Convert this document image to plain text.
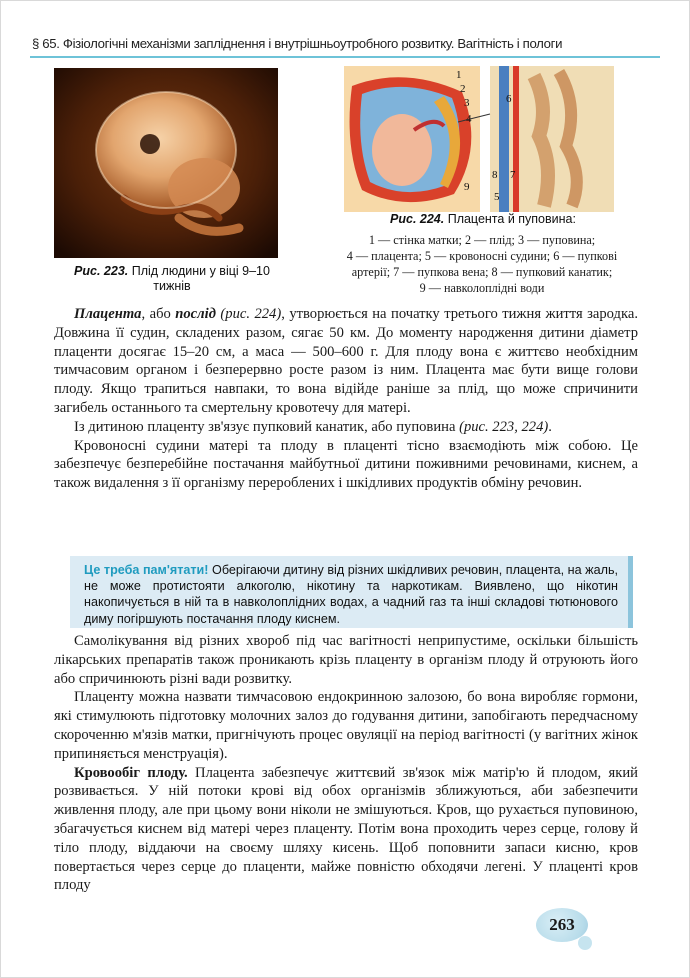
§ 65. Фізіологічні механізми запліднення і внутрішньоутробного розвитку. Вагітність і пологи
Рис. 223. Плід людини у віці 9–10 тижнів
1
2
3
4
5
6
7
8
9
Рис. 224. Плацента й пуповина:
1 — стінка матки; 2 — плід; 3 — пуповина;
4 — плацента; 5 — кровоносні судини; 6 — пупкові
артерії; 7 — пупкова вена; 8 — пупковий канатик;
9 — навколоплідні води

Плацента, або послід (рис. 224), утворюється на початку третього тижня життя зародка. Довжина її судин, складених разом, сягає 50 км. До моменту народження дитини діаметр плаценти досягає 15–20 см, а маса — 500–600 г. Для плоду вона є життєво необхідним тимчасовим органом і безперервно росте разом із ним. Плацента має бути вище голови плоду. Якщо трапиться навпаки, то вона відійде раніше за плід, що може спричинити загибель останнього та смертельну кровотечу для матері.

Із дитиною плаценту зв'язує пупковий канатик, або пуповина (рис. 223, 224).

Кровоносні судини матері та плоду в плаценті тісно взаємодіють між собою. Це забезпечує безперебійне постачання майбутньої дитини поживними речовинами, киснем, а також видалення з її організму перероблених і шкідливих продуктів обміну речовин.

Це треба пам'ятати! Оберігаючи дитину від різних шкідливих речовин, плацента, на жаль, не може протистояти алкоголю, нікотину та наркотикам. Виявлено, що нікотин накопичується в ній та в навколоплідних водах, а чадний газ та інші складові тютюнового диму погіршують постачання плоду киснем.

Самолікування від різних хвороб під час вагітності неприпустиме, оскільки більшість лікарських препаратів також проникають крізь плаценту в організм плоду й отруюють його або спричинюють різні вади розвитку.

Плаценту можна назвати тимчасовою ендокринною залозою, бо вона виробляє гормони, які стимулюють підготовку молочних залоз до годування дитини, запобігають передчасному скороченню м'язів матки, пригнічують процес овуляції на період вагітності (у вагітних жінок припиняється менструація).

Кровообіг плоду. Плацента забезпечує життєвий зв'язок між матір'ю й плодом, який розвивається. У ній потоки крові від обох організмів зближуються, аби забезпечити живлення плоду, але при цьому вони ніколи не змішуються. Кров, що рухається пуповиною, збагачується киснем від матері через плаценту. Потім вона проходить через серце, голову й тіло плоду, віддаючи на своєму шляху кисень. Щоб поповнити запаси кисню, кров повертається через серце до плаценти, майже повністю обходячи легені. У плаценті кров плоду

263
